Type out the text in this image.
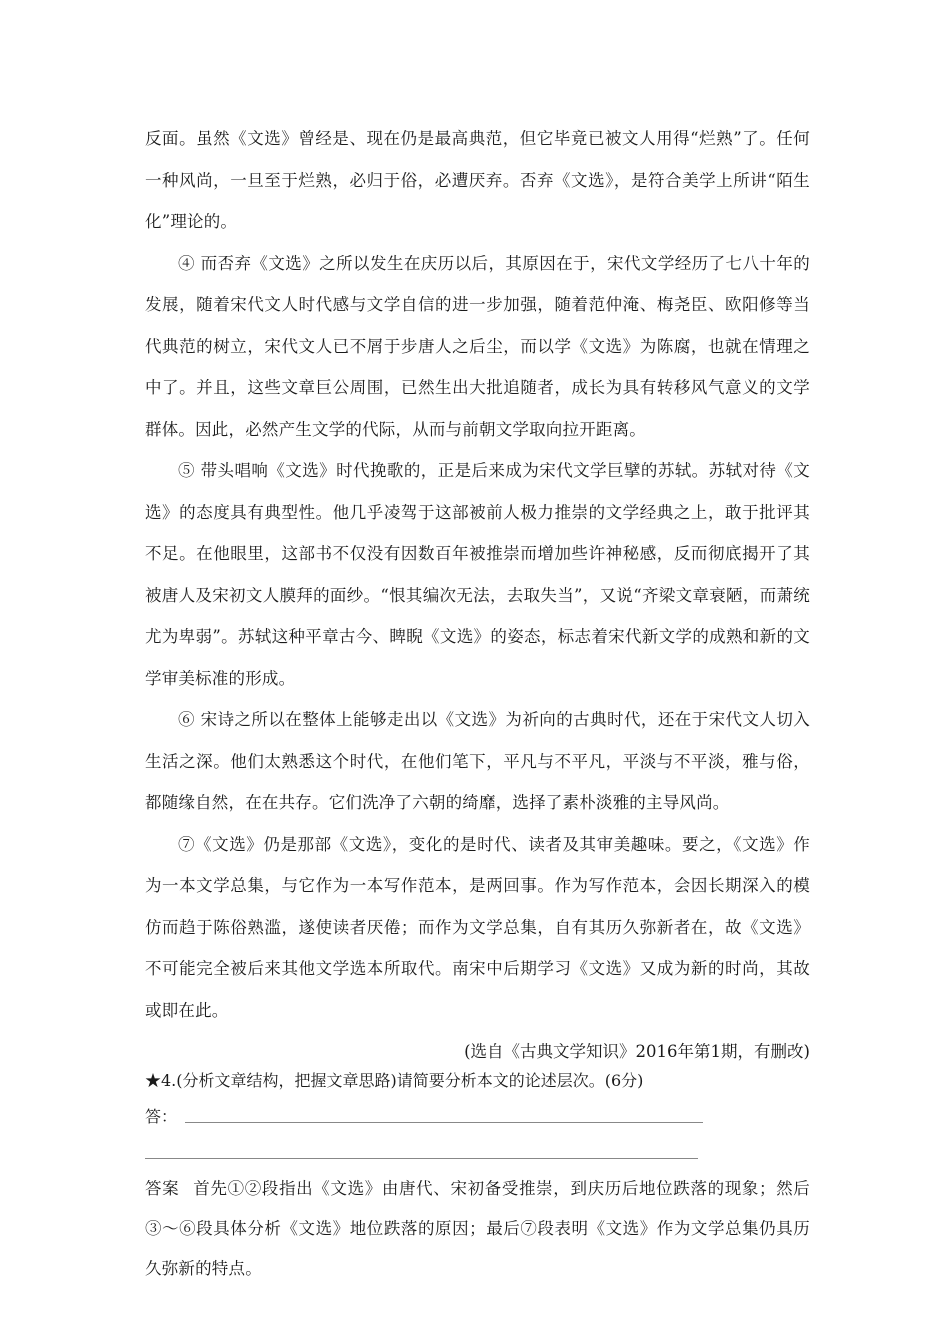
反面。虽然《文选》曾经是、现在仍是最高典范，但它毕竟已被文人用得“烂熟”了。任何一种风尚，一旦至于烂熟，必归于俗，必遭厌弃。否弃《文选》，是符合美学上所讲“陌生化”理论的。

④ 而否弃《文选》之所以发生在庆历以后，其原因在于，宋代文学经历了七八十年的发展，随着宋代文人时代感与文学自信的进一步加强，随着范仲淹、梅尧臣、欧阳修等当代典范的树立，宋代文人已不屑于步唐人之后尘，而以学《文选》为陈腐，也就在情理之中了。并且，这些文章巨公周围，已然生出大批追随者，成长为具有转移风气意义的文学群体。因此，必然产生文学的代际，从而与前朝文学取向拉开距离。

⑤ 带头唱响《文选》时代挽歌的，正是后来成为宋代文学巨擘的苏轼。苏轼对待《文选》的态度具有典型性。他几乎凌驾于这部被前人极力推崇的文学经典之上，敢于批评其不足。在他眼里，这部书不仅没有因数百年被推崇而增加些许神秘感，反而彻底揭开了其被唐人及宋初文人膜拜的面纱。“恨其编次无法，去取失当”，又说“齐梁文章衰陋，而萧统尤为卑弱”。苏轼这种平章古今、睥睨《文选》的姿态，标志着宋代新文学的成熟和新的文学审美标准的形成。

⑥ 宋诗之所以在整体上能够走出以《文选》为祈向的古典时代，还在于宋代文人切入生活之深。他们太熟悉这个时代，在他们笔下，平凡与不平凡，平淡与不平淡，雅与俗，都随缘自然，在在共存。它们洗净了六朝的绮靡，选择了素朴淡雅的主导风尚。

⑦《文选》仍是那部《文选》，变化的是时代、读者及其审美趣味。要之，《文选》作为一本文学总集，与它作为一本写作范本，是两回事。作为写作范本，会因长期深入的模仿而趋于陈俗熟滥，遂使读者厌倦；而作为文学总集，自有其历久弥新者在，故《文选》不可能完全被后来其他文学选本所取代。南宋中后期学习《文选》又成为新的时尚，其故或即在此。

(选自《古典文学知识》2016年第1期，有删改)

★4.(分析文章结构，把握文章思路)请简要分析本文的论述层次。(6分)

答：

答案 首先①②段指出《文选》由唐代、宋初备受推崇，到庆历后地位跌落的现象；然后③～⑥段具体分析《文选》地位跌落的原因；最后⑦段表明《文选》作为文学总集仍具历久弥新的特点。
